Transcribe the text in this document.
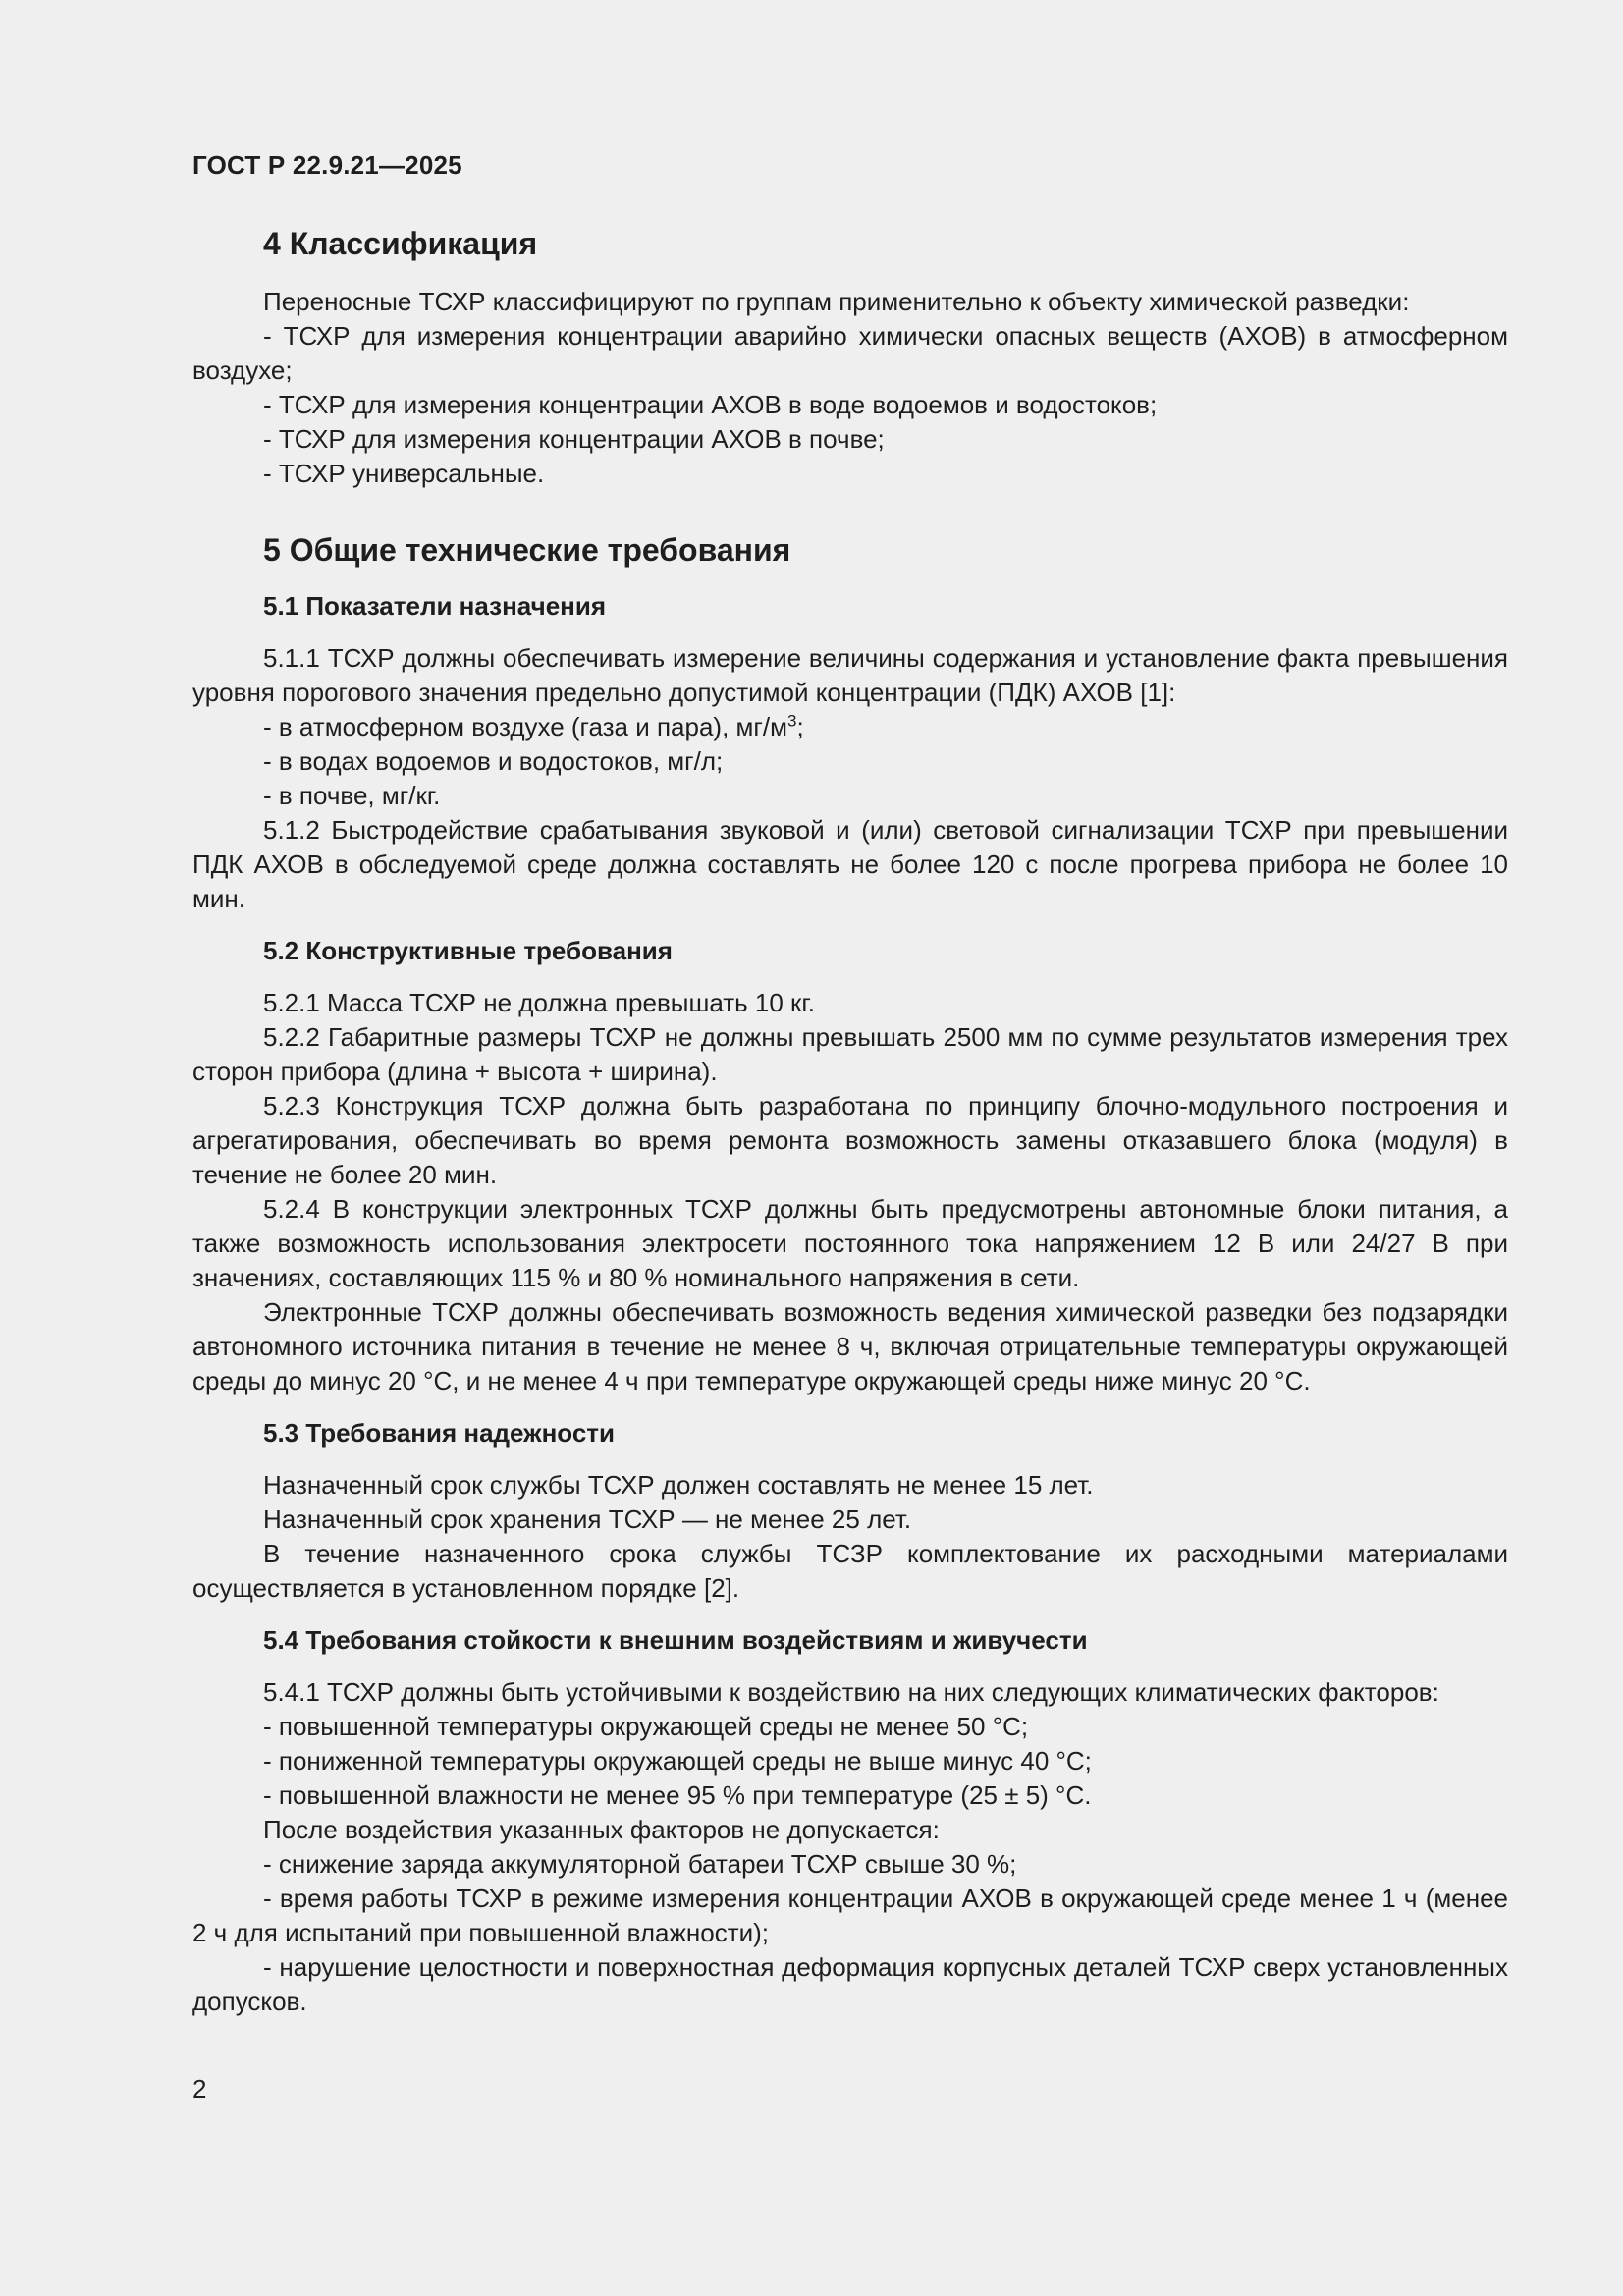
ГОСТ Р 22.9.21—2025
4 Классификация

Переносные ТСХР классифицируют по группам применительно к объекту химической разведки:

- ТСХР для измерения концентрации аварийно химически опасных веществ (АХОВ) в атмосферном воздухе;

- ТСХР для измерения концентрации АХОВ в воде водоемов и водостоков;

- ТСХР для измерения концентрации АХОВ в почве;

- ТСХР универсальные.

5 Общие технические требования
5.1 Показатели назначения

5.1.1 ТСХР должны обеспечивать измерение величины содержания и установление факта превышения уровня порогового значения предельно допустимой концентрации (ПДК) АХОВ [1]:

- в атмосферном воздухе (газа и пара), $мг/м^3$;

- в водах водоемов и водостоков, мг/л;

- в почве, мг/кг.

5.1.2 Быстродействие срабатывания звуковой и (или) световой сигнализации ТСХР при превышении ПДК АХОВ в обследуемой среде должна составлять не более 120 с после прогрева прибора не более 10 мин.

5.2 Конструктивные требования

5.2.1 Масса ТСХР не должна превышать 10 кг.

5.2.2 Габаритные размеры ТСХР не должны превышать 2500 мм по сумме результатов измерения трех сторон прибора (длина + высота + ширина).

5.2.3 Конструкция ТСХР должна быть разработана по принципу блочно-модульного построения и агрегатирования, обеспечивать во время ремонта возможность замены отказавшего блока (модуля) в течение не более 20 мин.

5.2.4 В конструкции электронных ТСХР должны быть предусмотрены автономные блоки питания, а также возможность использования электросети постоянного тока напряжением 12 В или 24/27 В при значениях, составляющих 115 % и 80 % номинального напряжения в сети.

Электронные ТСХР должны обеспечивать возможность ведения химической разведки без подзарядки автономного источника питания в течение не менее 8 ч, включая отрицательные температуры окружающей среды до минус 20 °С, и не менее 4 ч при температуре окружающей среды ниже минус 20 °С.

5.3 Требования надежности

Назначенный срок службы ТСХР должен составлять не менее 15 лет.

Назначенный срок хранения ТСХР — не менее 25 лет.

В течение назначенного срока службы ТСЗР комплектование их расходными материалами осуществляется в установленном порядке [2].

5.4 Требования стойкости к внешним воздействиям и живучести

5.4.1 ТСХР должны быть устойчивыми к воздействию на них следующих климатических факторов:

- повышенной температуры окружающей среды не менее 50 °С;

- пониженной температуры окружающей среды не выше минус 40 °С;

- повышенной влажности не менее 95 % при температуре (25 ± 5) °С.

После воздействия указанных факторов не допускается:

- снижение заряда аккумуляторной батареи ТСХР свыше 30 %;

- время работы ТСХР в режиме измерения концентрации АХОВ в окружающей среде менее 1 ч (менее 2 ч для испытаний при повышенной влажности);

- нарушение целостности и поверхностная деформация корпусных деталей ТСХР сверх установленных допусков.

2
